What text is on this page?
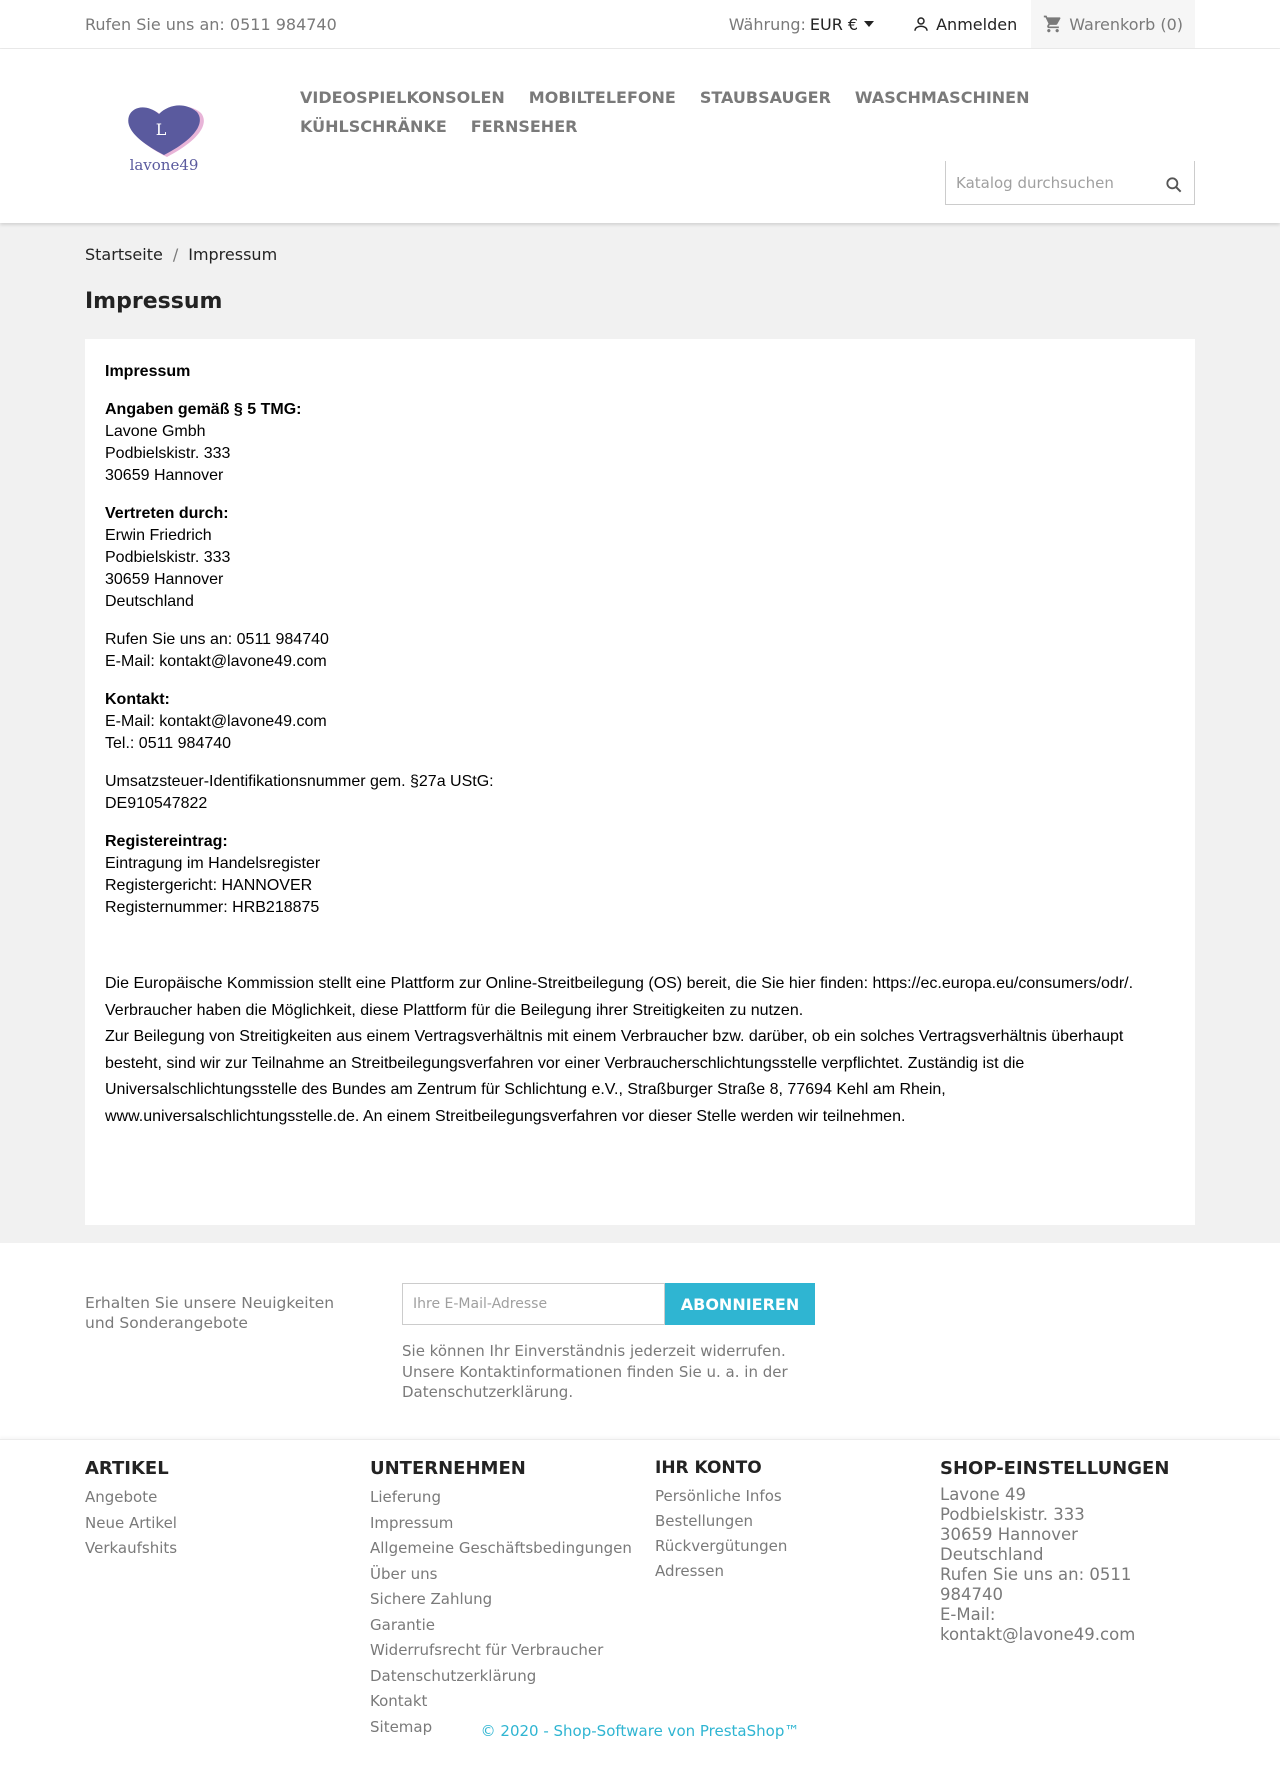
Rufen Sie uns an: 0511 984740	Währung: EUR €	Anmelden	Warenkorb (0)
L
lavone49
VIDEOSPIELKONSOLEN MOBILTELEFONE STAUBSAUGER WASCHMASCHINEN
KÜHLSCHRÄNKE FERNSEHER
Katalog durchsuchen
Startseite / Impressum
Impressum

Impressum

Angaben gemäß § 5 TMG:
Lavone Gmbh
Podbielskistr. 333
30659 Hannover

Vertreten durch:
Erwin Friedrich
Podbielskistr. 333
30659 Hannover
Deutschland

Rufen Sie uns an: 0511 984740
E-Mail: kontakt@lavone49.com

Kontakt:
E-Mail: kontakt@lavone49.com
Tel.: 0511 984740

Umsatzsteuer-Identifikationsnummer gem. §27a UStG:
DE910547822

Registereintrag:
Eintragung im Handelsregister
Registergericht: HANNOVER
Registernummer: HRB218875

Die Europäische Kommission stellt eine Plattform zur Online-Streitbeilegung (OS) bereit, die Sie hier finden: https://ec.europa.eu/consumers/odr/.
Verbraucher haben die Möglichkeit, diese Plattform für die Beilegung ihrer Streitigkeiten zu nutzen.
Zur Beilegung von Streitigkeiten aus einem Vertragsverhältnis mit einem Verbraucher bzw. darüber, ob ein solches Vertragsverhältnis überhaupt
besteht, sind wir zur Teilnahme an Streitbeilegungsverfahren vor einer Verbraucherschlichtungsstelle verpflichtet. Zuständig ist die
Universalschlichtungsstelle des Bundes am Zentrum für Schlichtung e.V., Straßburger Straße 8, 77694 Kehl am Rhein,
www.universalschlichtungsstelle.de. An einem Streitbeilegungsverfahren vor dieser Stelle werden wir teilnehmen.

Erhalten Sie unsere Neuigkeiten und Sonderangebote
Ihre E-Mail-Adresse
ABONNIEREN
Sie können Ihr Einverständnis jederzeit widerrufen. Unsere Kontaktinformationen finden Sie u. a. in der Datenschutzerklärung.
ARTIKEL
Angebote
Neue Artikel
Verkaufshits
UNTERNEHMEN
Lieferung
Impressum
Allgemeine Geschäftsbedingungen
Über uns
Sichere Zahlung
Garantie
Widerrufsrecht für Verbraucher
Datenschutzerklärung
Kontakt
Sitemap
IHR KONTO
Persönliche Infos
Bestellungen
Rückvergütungen
Adressen
SHOP-EINSTELLUNGEN
Lavone 49
Podbielskistr. 333
30659 Hannover
Deutschland
Rufen Sie uns an: 0511 984740
E-Mail: kontakt@lavone49.com
© 2020 - Shop-Software von PrestaShop™
